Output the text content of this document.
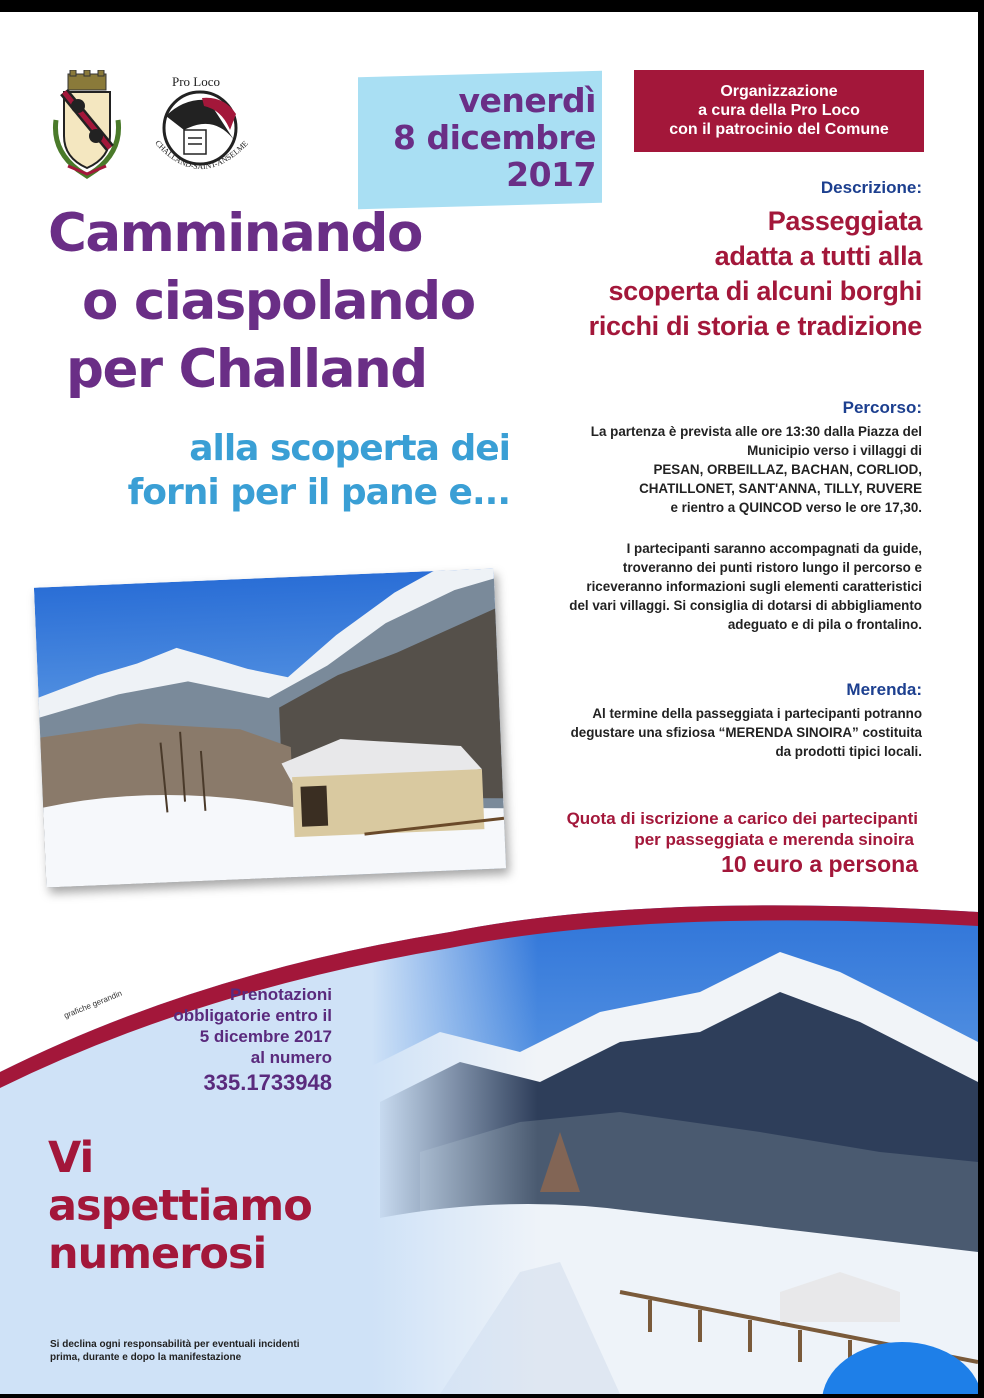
Pro Loco
CHALLAND-SAINT-ANSELME
venerdì
8 dicembre
2017
Organizzazione
a cura della Pro Loco
con il patrocinio del Comune
Camminando
o ciaspolando
per Challand
alla scoperta dei
forni per il pane e...
Descrizione:
Passeggiata
adatta a tutti alla
scoperta di alcuni borghi
ricchi di storia e tradizione
Percorso:
La partenza è prevista alle ore 13:30 dalla Piazza del
Municipio verso i villaggi di
PESAN, ORBEILLAZ, BACHAN, CORLIOD,
CHATILLONET, SANT'ANNA, TILLY, RUVERE
e rientro a QUINCOD verso le ore 17,30.
I partecipanti saranno accompagnati da guide,
troveranno dei punti ristoro lungo il percorso e
riceveranno informazioni sugli elementi caratteristici
del vari villaggi. Si consiglia di dotarsi di abbigliamento
adeguato e di pila o frontalino.
Merenda:
Al termine della passeggiata i partecipanti potranno
degustare una sfiziosa “MERENDA SINOIRA” costituita
da prodotti tipici locali.
Quota di iscrizione a carico dei partecipanti
per passeggiata e merenda sinoira
10 euro a persona
grafiche gerandin	Prenotazioni
obbligatorie entro il
5 dicembre 2017
al numero
335.1733948
Vi
aspettiamo
numerosi
Si declina ogni responsabilità per eventuali incidenti
prima, durante e dopo la manifestazione
